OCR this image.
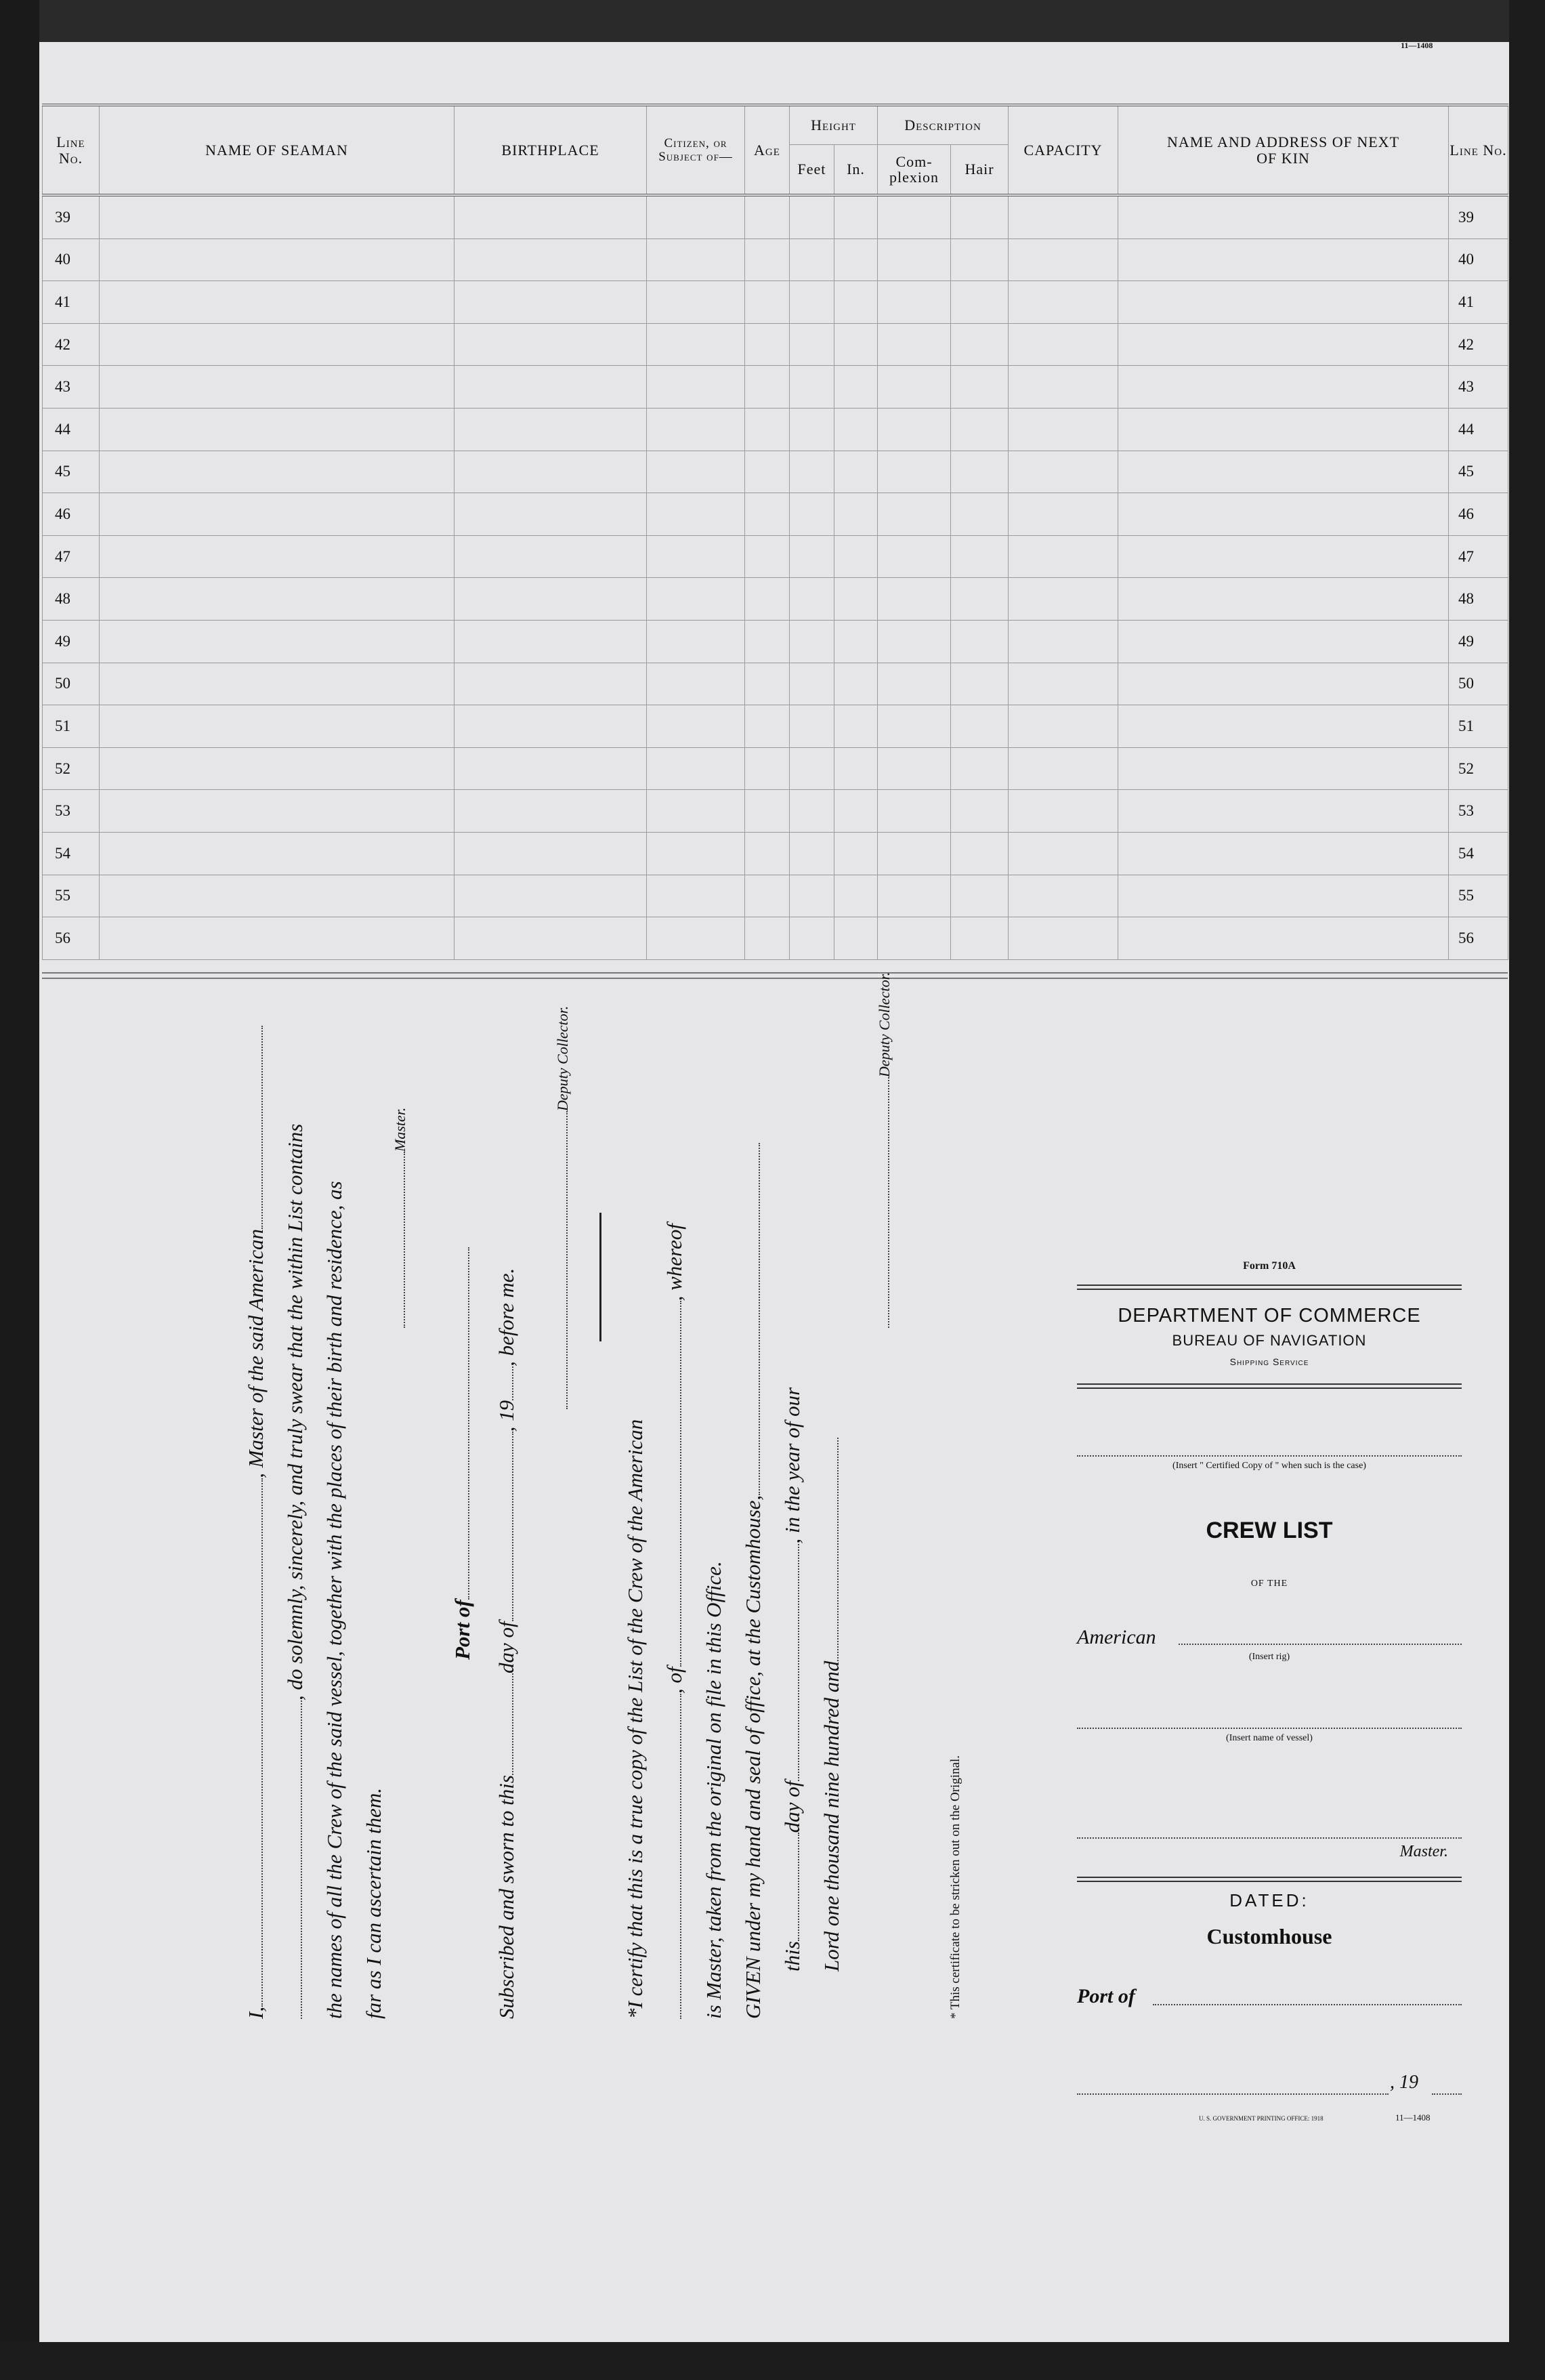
11—1408
Line No.	NAME OF SEAMAN	BIRTHPLACE	Citizen, or Subject of—	Age	Height		Description		CAPACITY	NAME AND ADDRESS OF NEXT OF KIN	Line No.
					Feet	In.	Com- plexion	Hair			
39											39
40											40
41											41
42											42
43											43
44											44
45											45
46											46
47											47
48											48
49											49
50											50
51											51
52											52
53											53
54											54
55											55
56											56
I,, Master of the said American , do solemnly, sincerely, and truly swear that the within List contains the names of all the Crew of the said vessel, together with the places of their birth and residence, as far as I can ascertain them.
Master.
Port of
Subscribed and sworn to thisday of, 19, before me.
Deputy Collector.
*I certify that this is a true copy of the List of the Crew of the American , of, whereof
is Master, taken from the original on file in this Office. GIVEN under my hand and seal of office, at the Customhouse, thisday of, in the year of our
Lord one thousand nine hundred and
Deputy Collector.
* This certificate to be stricken out on the Original.
Form 710A
DEPARTMENT OF COMMERCE
BUREAU OF NAVIGATION
Shipping Service
(Insert " Certified Copy of " when such is the case)
CREW LIST
OF THE
American
(Insert rig)
(Insert name of vessel)
Master.
DATED:
Customhouse
Port of
, 19
U. S. GOVERNMENT PRINTING OFFICE: 1918	11—1408
